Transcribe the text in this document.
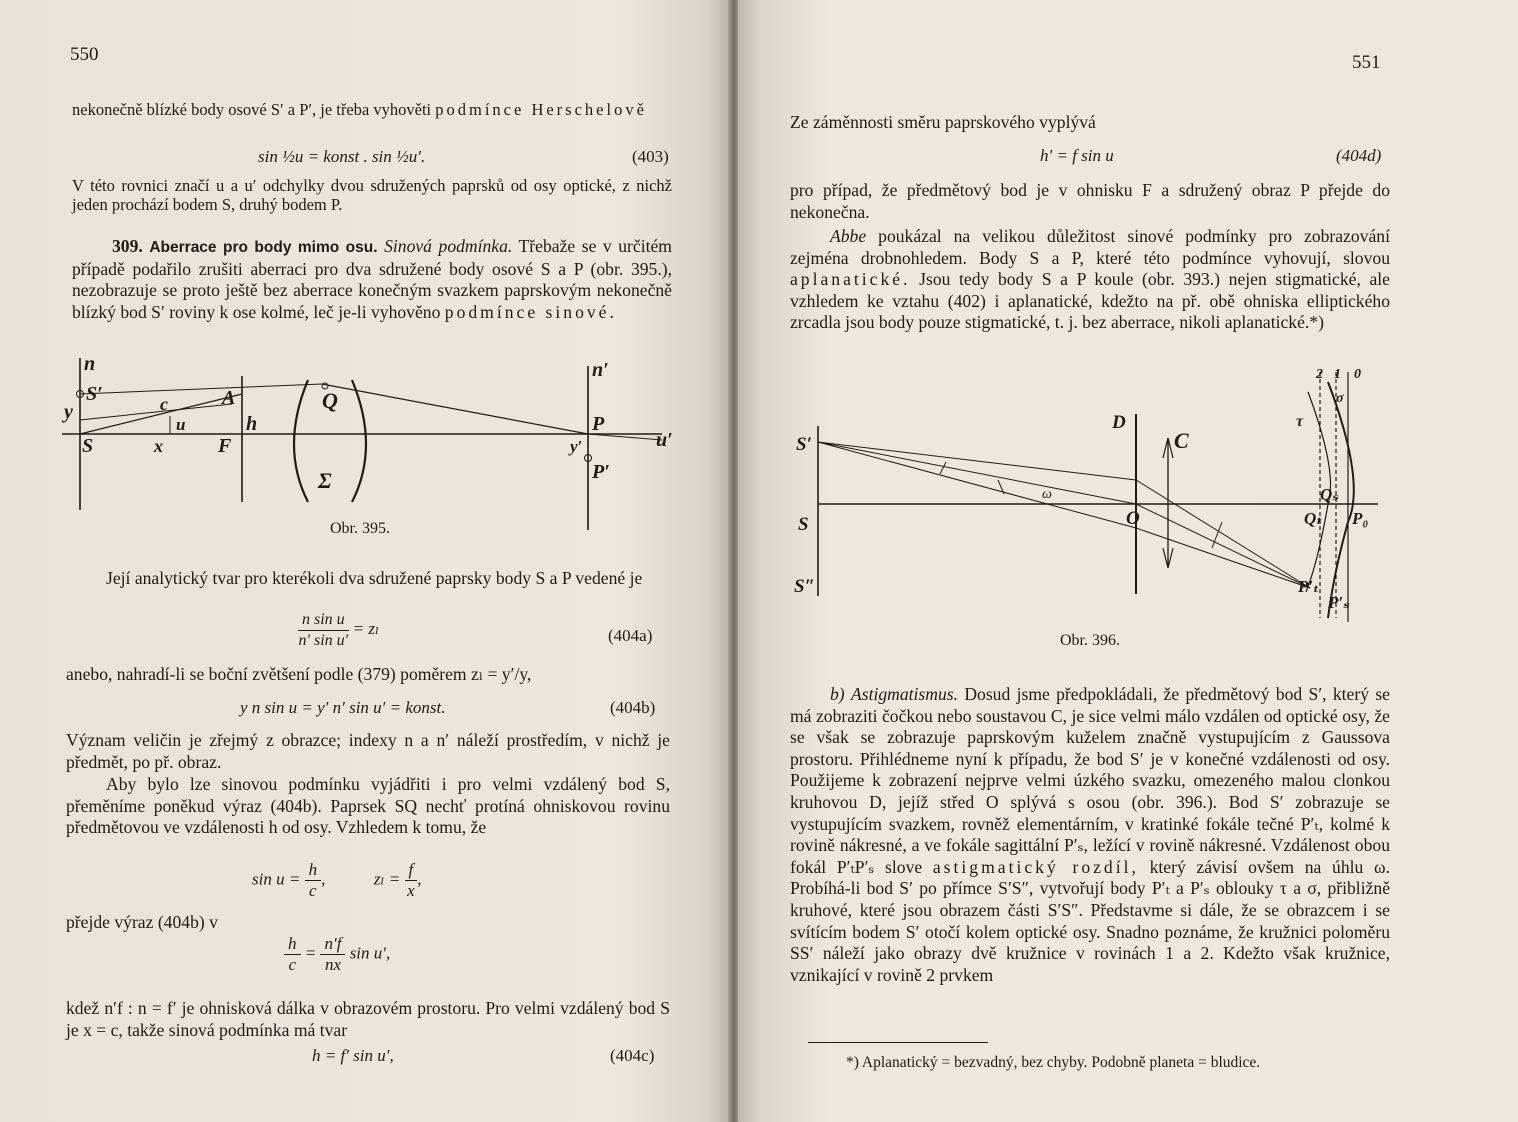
550

nekonečně blízké body osové S′ a P′, je třeba vyhověti podmínce Herschelově

sin ½u = konst . sin ½u′.	(403)
V této rovnici značí u a u′ odchylky dvou sdružených paprsků od osy optické, z nichž jeden prochází bodem S, druhý bodem P.

309. Aberrace pro body mimo osu. Sinová podmínka. Třebaže se v určitém případě podařilo zrušiti aberraci pro dva sdružené body osové S a P (obr. 395.), nezobrazuje se proto ještě bez aberrace konečným svazkem paprskovým nekonečně blízký bod S′ roviny k ose kolmé, leč je-li vyhověno podmínce sinové.

n
S′
y
S
c	A
u
x
h
F
Q
Σ
n′
P
y′
P′
u′
Obr. 395.

Její analytický tvar pro kterékoli dva sdružené paprsky body S a P vedené je

$\frac{\text{n sin u}}{\text{n′ sin u′}} = z_l$	(404a)
anebo, nahradí-li se boční zvětšení podle (379) poměrem zₗ = y′/y,
y n sin u = y′ n′ sin u′ = konst.	(404b)
Význam veličin je zřejmý z obrazce; indexy n a n′ náleží prostředím, v nichž je předmět, po př. obraz.

Aby bylo lze sinovou podmínku vyjádřiti i pro velmi vzdálený bod S, přeměníme poněkud výraz (404b). Paprsek SQ nechť protíná ohniskovou rovinu předmětovou ve vzdálenosti h od osy. Vzhledem k tomu, že

$\sin u = \frac{h}{c}$ ,	$z_l = \frac{f}{x}$ ,
přejde výraz (404b) v
$\frac{h}{c} = \frac{n'f}{nx}$ sin u′,
kdež n′f : n = f′ je ohnisková dálka v obrazovém prostoru. Pro velmi vzdálený bod S je x = c, takže sinová podmínka má tvar
h = f′ sin u′,	(404c)
551
Ze záměnnosti směru paprskového vyplývá
h′ = f sin u	(404d)
pro případ, že předmětový bod je v ohnisku F a sdružený obraz P přejde do nekonečna.

Abbe poukázal na velikou důležitost sinové podmínky pro zobrazování zejména drobnohledem. Body S a P, které této podmínce vyhovují, slovou aplanatické. Jsou tedy body S a P koule (obr. 393.) nejen stigmatické, ale vzhledem ke vztahu (402) i aplanatické, kdežto na př. obě ohniska elliptického zrcadla jsou body pouze stigmatické, t. j. bez aberrace, nikoli aplanatické.*)

S′
S
S″
D
C
ω
O
2 1 0
σ
τ
Qₛ
Qₜ P₀
P′ₜ
P′ₛ
Obr. 396.

b) Astigmatismus. Dosud jsme předpokládali, že předmětový bod S′, který se má zobraziti čočkou nebo soustavou C, je sice velmi málo vzdálen od optické osy, že se však se zobrazuje paprskovým kuželem značně vystupujícím z Gaussova prostoru. Přihlédneme nyní k případu, že bod S′ je v konečné vzdálenosti od osy. Použijeme k zobrazení nejprve velmi úzkého svazku, omezeného malou clonkou kruhovou D, jejíž střed O splývá s osou (obr. 396.). Bod S′ zobrazuje se vystupujícím svazkem, rovněž elementárním, v kratinké fokále tečné P′ₜ, kolmé k rovině nákresné, a ve fokále sagittální P′ₛ, ležící v rovině nákresné. Vzdálenost obou fokál P′ₜP′ₛ slove astigmatický rozdíl, který závisí ovšem na úhlu ω. Probíhá-li bod S′ po přímce S′S″, vytvořují body P′ₜ a P′ₛ oblouky τ a σ, přibližně kruhové, které jsou obrazem části S′S″. Představme si dále, že se obrazcem i se svítícím bodem S′ otočí kolem optické osy. Snadno poznáme, že kružnici poloměru SS′ náleží jako obrazy dvě kružnice v rovinách 1 a 2. Kdežto však kružnice, vznikající v rovině 2 prvkem

*) Aplanatický = bezvadný, bez chyby. Podobně planeta = bludice.
